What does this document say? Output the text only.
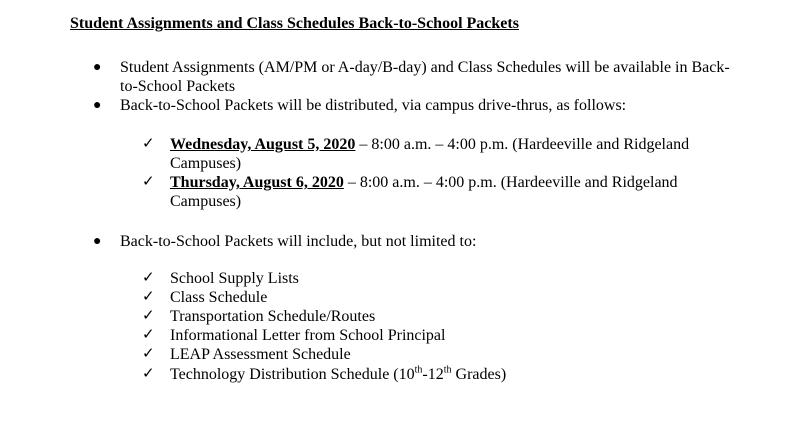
Student Assignments and Class Schedules Back-to-School Packets
● Student Assignments (AM/PM or A-day/B-day) and Class Schedules will be available in Back-to-School Packets
● Back-to-School Packets will be distributed, via campus drive-thrus, as follows:
✓ Wednesday, August 5, 2020 – 8:00 a.m. – 4:00 p.m. (Hardeeville and Ridgeland Campuses)
✓ Thursday, August 6, 2020 – 8:00 a.m. – 4:00 p.m. (Hardeeville and Ridgeland Campuses)
● Back-to-School Packets will include, but not limited to:
✓ School Supply Lists
✓ Class Schedule
✓ Transportation Schedule/Routes
✓ Informational Letter from School Principal
✓ LEAP Assessment Schedule
✓ Technology Distribution Schedule (10th-12th Grades)
